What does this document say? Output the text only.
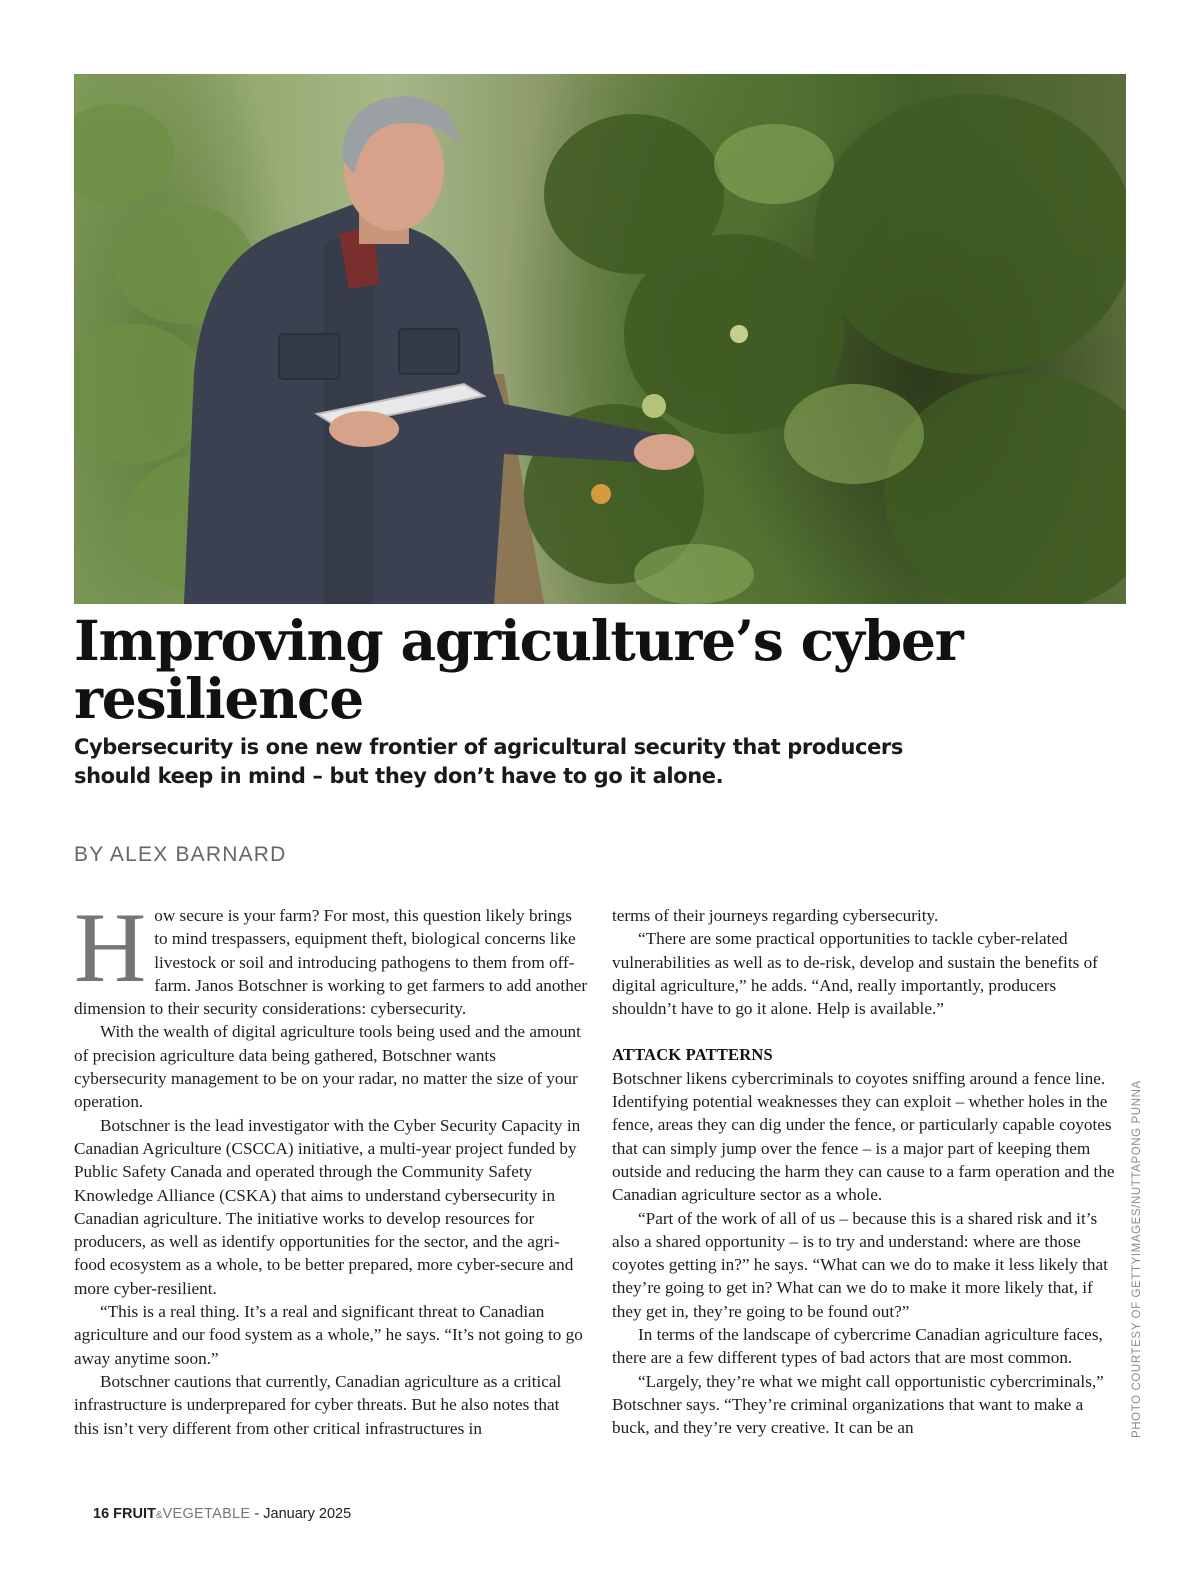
Improving agriculture’s cyber resilience
Cybersecurity is one new frontier of agricultural security that producers should keep in mind – but they don’t have to go it alone.
BY ALEX BARNARD

How secure is your farm? For most, this question likely brings to mind trespassers, equipment theft, biological concerns like livestock or soil and introducing pathogens to them from off-farm. Janos Botschner is working to get farmers to add another dimension to their security considerations: cybersecurity.

With the wealth of digital agriculture tools being used and the amount of precision agriculture data being gathered, Botschner wants cybersecurity management to be on your radar, no matter the size of your operation.

Botschner is the lead investigator with the Cyber Security Capacity in Canadian Agriculture (CSCCA) initiative, a multi-year project funded by Public Safety Canada and operated through the Community Safety Knowledge Alliance (CSKA) that aims to understand cybersecurity in Canadian agriculture. The initiative works to develop resources for producers, as well as identify opportunities for the sector, and the agri-food ecosystem as a whole, to be better prepared, more cyber-secure and more cyber-resilient.

“This is a real thing. It’s a real and significant threat to Canadian agriculture and our food system as a whole,” he says. “It’s not going to go away anytime soon.”

Botschner cautions that currently, Canadian agriculture as a critical infrastructure is underprepared for cyber threats. But he also notes that this isn’t very different from other critical infrastructures in

terms of their journeys regarding cybersecurity.

“There are some practical opportunities to tackle cyber-related vulnerabilities as well as to de-risk, develop and sustain the benefits of digital agriculture,” he adds. “And, really importantly, producers shouldn’t have to go it alone. Help is available.”

ATTACK PATTERNS

Botschner likens cybercriminals to coyotes sniffing around a fence line. Identifying potential weaknesses they can exploit – whether holes in the fence, areas they can dig under the fence, or particularly capable coyotes that can simply jump over the fence – is a major part of keeping them outside and reducing the harm they can cause to a farm operation and the Canadian agriculture sector as a whole.

“Part of the work of all of us – because this is a shared risk and it’s also a shared opportunity – is to try and understand: where are those coyotes getting in?” he says. “What can we do to make it less likely that they’re going to get in? What can we do to make it more likely that, if they get in, they’re going to be found out?”

In terms of the landscape of cybercrime Canadian agriculture faces, there are a few different types of bad actors that are most common.

“Largely, they’re what we might call opportunistic cybercriminals,” Botschner says. “They’re criminal organizations that want to make a buck, and they’re very creative. It can be an	PHOTO COURTESY OF GETTYIMAGES/NUTTAPONG PUNNA
16 FRUIT&VEGETABLE - January 2025
